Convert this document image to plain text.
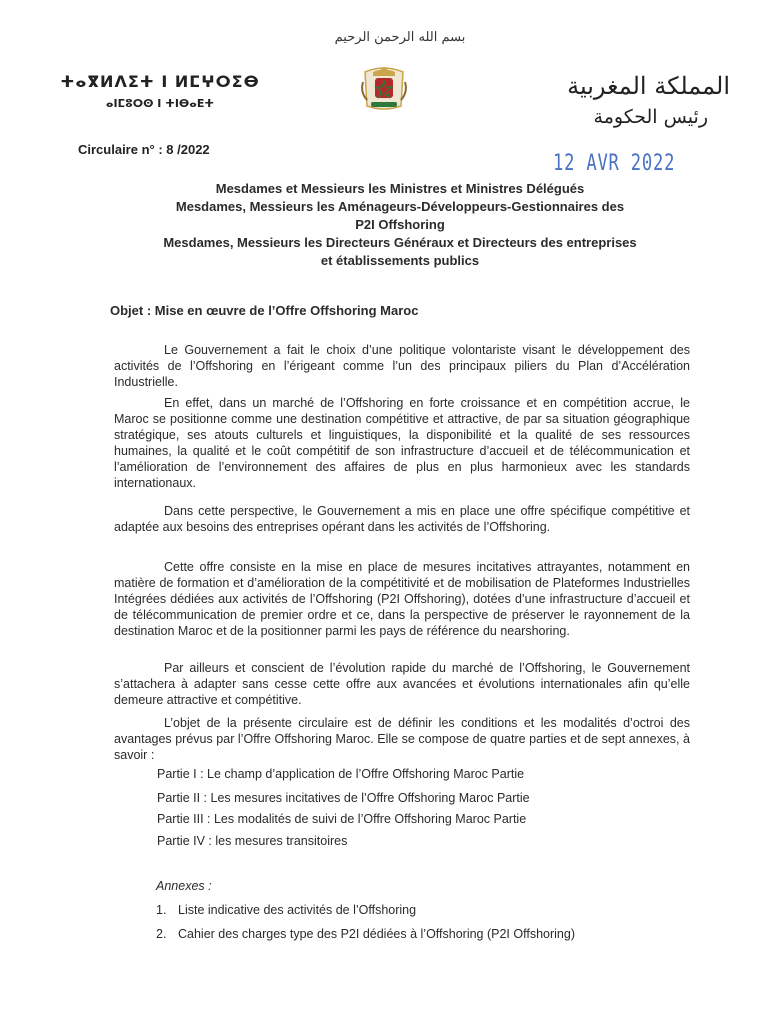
بسم الله الرحمن الرحيم
ⵜⴰⴳⵍⴷⵉⵜ ⵏ ⵍⵎⵖⵔⵉⴱ
ⴰⵏⵎⵓⵔⵙ ⵏ ⵜⵏⴱⴰⴹⵜ
المملكة المغربية
رئيس الحكومة
Circulaire n° : 8 /2022
12 AVR 2022
Mesdames et Messieurs les Ministres et Ministres Délégués
Mesdames, Messieurs les Aménageurs-Développeurs-Gestionnaires des
P2I Offshoring
Mesdames, Messieurs les Directeurs Généraux et Directeurs des entreprises
et établissements publics
Objet : Mise en œuvre de l’Offre Offshoring Maroc
Le Gouvernement a fait le choix d’une politique volontariste visant le développement des activités de l’Offshoring en l’érigeant comme l’un des principaux piliers du Plan d’Accélération Industrielle.
En effet, dans un marché de l’Offshoring en forte croissance et en compétition accrue, le Maroc se positionne comme une destination compétitive et attractive, de par sa situation géographique stratégique, ses atouts culturels et linguistiques, la disponibilité et la qualité de ses ressources humaines, la qualité et le coût compétitif de son infrastructure d’accueil et de télécommunication et l’amélioration de l’environnement des affaires de plus en plus harmonieux avec les standards internationaux.
Dans cette perspective, le Gouvernement a mis en place une offre spécifique compétitive et adaptée aux besoins des entreprises opérant dans les activités de l’Offshoring.
Cette offre consiste en la mise en place de mesures incitatives attrayantes, notamment en matière de formation et d’amélioration de la compétitivité et de mobilisation de Plateformes Industrielles Intégrées dédiées aux activités de l’Offshoring (P2I Offshoring), dotées d’une infrastructure d’accueil et de télécommunication de premier ordre et ce, dans la perspective de préserver le rayonnement de la destination Maroc et de la positionner parmi les pays de référence du nearshoring.
Par ailleurs et conscient de l’évolution rapide du marché de l’Offshoring, le Gouvernement s’attachera à adapter sans cesse cette offre aux avancées et évolutions internationales afin qu’elle demeure attractive et compétitive.
L’objet de la présente circulaire est de définir les conditions et les modalités d’octroi des avantages prévus par l’Offre Offshoring Maroc. Elle se compose de quatre parties et de sept annexes, à savoir :
Partie I : Le champ d’application de l’Offre Offshoring Maroc Partie
Partie II : Les mesures incitatives de l’Offre Offshoring Maroc Partie
Partie III : Les modalités de suivi de l’Offre Offshoring Maroc Partie
Partie IV : les mesures transitoires
Annexes :
1. Liste indicative des activités de l’Offshoring
2. Cahier des charges type des P2I dédiées à l’Offshoring (P2I Offshoring)
